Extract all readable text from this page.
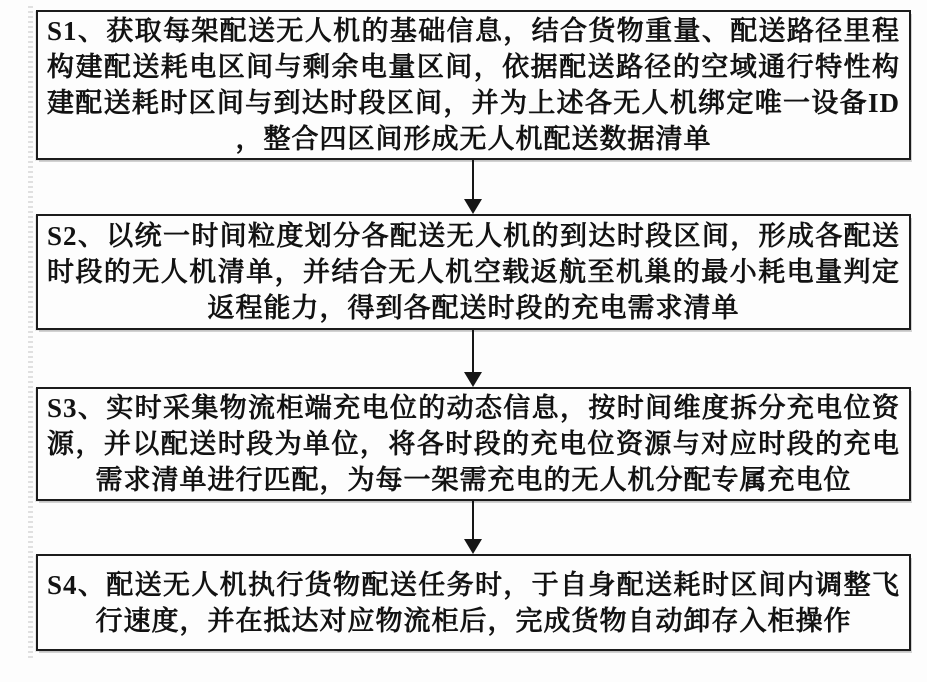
S1、获取每架配送无人机的基础信息，结合货物重量、配送路径里程
构建配送耗电区间与剩余电量区间，依据配送路径的空域通行特性构
建配送耗时区间与到达时段区间，并为上述各无人机绑定唯一设备ID
，整合四区间形成无人机配送数据清单
S2、以统一时间粒度划分各配送无人机的到达时段区间，形成各配送
时段的无人机清单，并结合无人机空载返航至机巢的最小耗电量判定
返程能力，得到各配送时段的充电需求清单
S3、实时采集物流柜端充电位的动态信息，按时间维度拆分充电位资
源，并以配送时段为单位，将各时段的充电位资源与对应时段的充电
需求清单进行匹配，为每一架需充电的无人机分配专属充电位
S4、配送无人机执行货物配送任务时，于自身配送耗时区间内调整飞
行速度，并在抵达对应物流柜后，完成货物自动卸存入柜操作
